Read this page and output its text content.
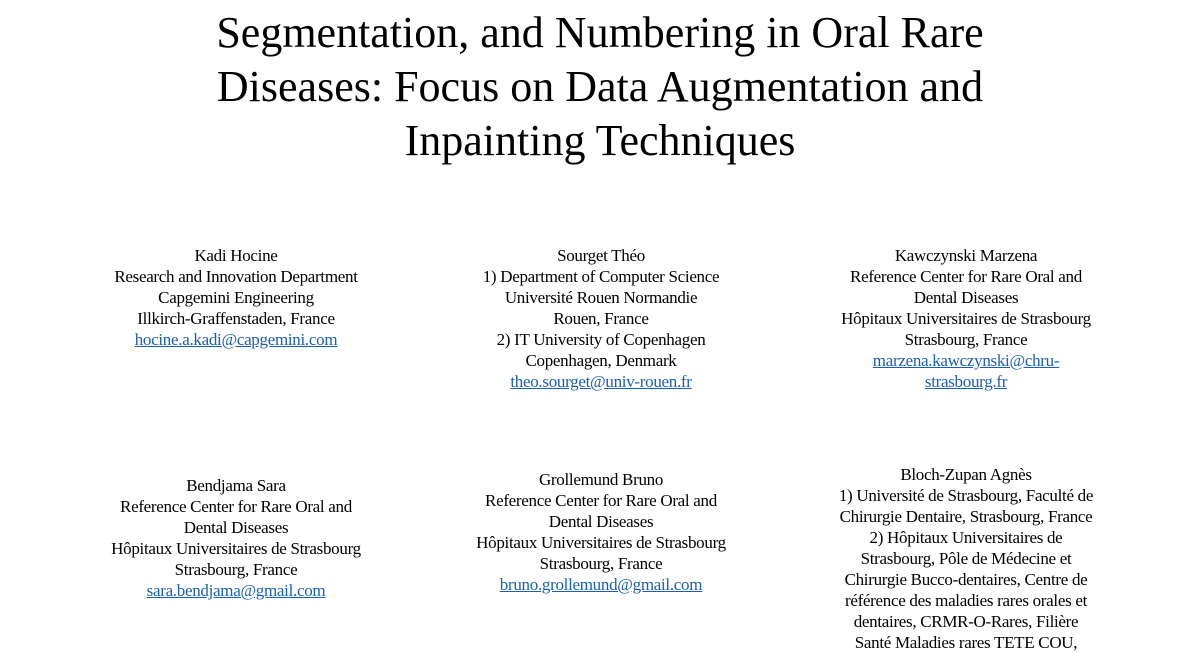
Segmentation, and Numbering in Oral Rare
Diseases: Focus on Data Augmentation and
Inpainting Techniques
Kadi Hocine
Research and Innovation Department
Capgemini Engineering
Illkirch-Graffenstaden, France
hocine.a.kadi@capgemini.com
Sourget Théo
1) Department of Computer Science
Université Rouen Normandie
Rouen, France
2) IT University of Copenhagen
Copenhagen, Denmark
theo.sourget@univ-rouen.fr
Kawczynski Marzena
Reference Center for Rare Oral and
Dental Diseases
Hôpitaux Universitaires de Strasbourg
Strasbourg, France
marzena.kawczynski@chru-
strasbourg.fr
Bendjama Sara
Reference Center for Rare Oral and
Dental Diseases
Hôpitaux Universitaires de Strasbourg
Strasbourg, France
sara.bendjama@gmail.com
Grollemund Bruno
Reference Center for Rare Oral and
Dental Diseases
Hôpitaux Universitaires de Strasbourg
Strasbourg, France
bruno.grollemund@gmail.com
Bloch-Zupan Agnès
1) Université de Strasbourg, Faculté de
Chirurgie Dentaire, Strasbourg, France
2) Hôpitaux Universitaires de
Strasbourg, Pôle de Médecine et
Chirurgie Bucco-dentaires, Centre de
référence des maladies rares orales et
dentaires, CRMR-O-Rares, Filière
Santé Maladies rares TETE COU,
